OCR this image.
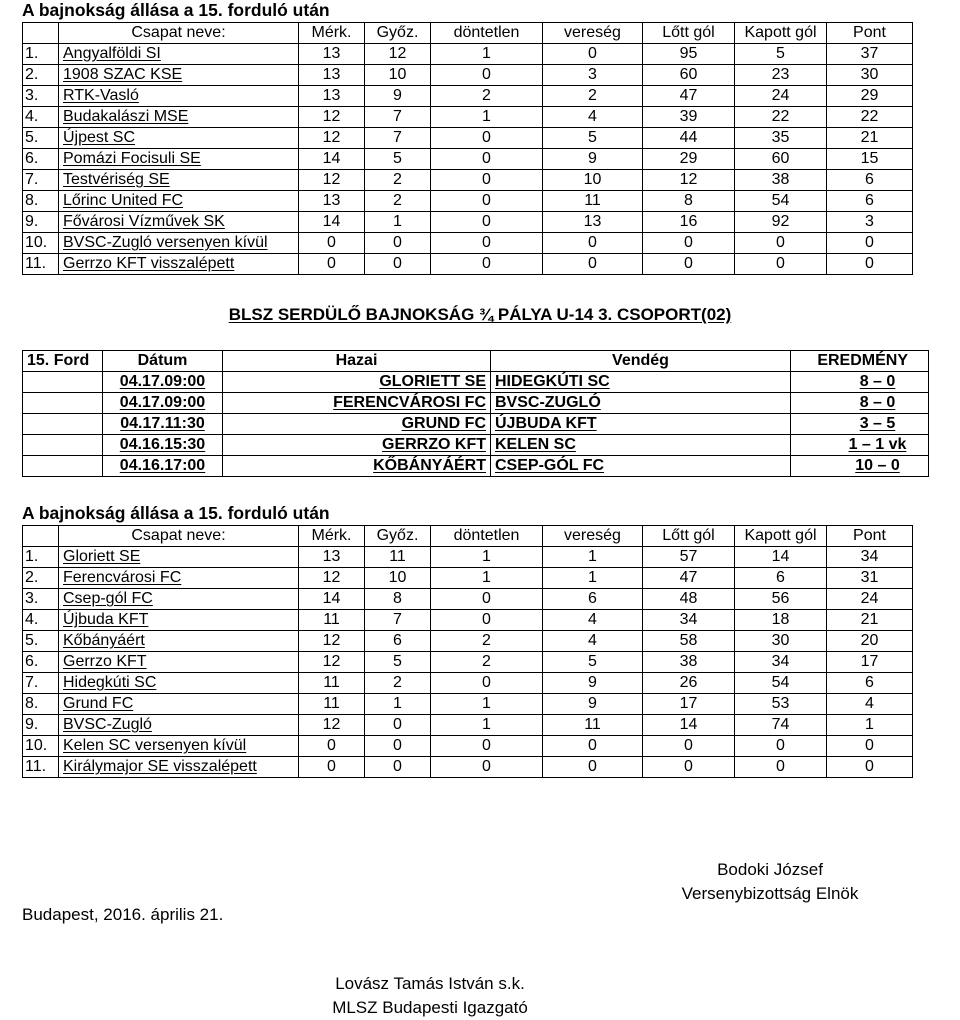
A bajnokság állása a 15. forduló után
	Csapat neve:	Mérk.	Győz.	döntetlen	vereség	Lőtt gól	Kapott gól	Pont
1.	Angyalföldi SI	13	12	1	0	95	5	37
2.	1908 SZAC KSE	13	10	0	3	60	23	30
3.	RTK-Vasló	13	9	2	2	47	24	29
4.	Budakalászi MSE	12	7	1	4	39	22	22
5.	Újpest SC	12	7	0	5	44	35	21
6.	Pomázi Focisuli SE	14	5	0	9	29	60	15
7.	Testvériség SE	12	2	0	10	12	38	6
8.	Lőrinc United FC	13	2	0	11	8	54	6
9.	Fővárosi Vízművek SK	14	1	0	13	16	92	3
10.	BVSC-Zugló versenyen kívül	0	0	0	0	0	0	0
11.	Gerrzo KFT visszalépett	0	0	0	0	0	0	0
BLSZ SERDÜLŐ BAJNOKSÁG ¾ PÁLYA U-14 3. CSOPORT(02)
15. Ford	Dátum	Hazai	Vendég	EREDMÉNY
	04.17.09:00	GLORIETT SE	HIDEGKÚTI SC	8 – 0
	04.17.09:00	FERENCVÁROSI FC	BVSC-ZUGLÓ	8 – 0
	04.17.11:30	GRUND FC	ÚJBUDA KFT	3 – 5
	04.16.15:30	GERRZO KFT	KELEN SC	1 – 1 vk
	04.16.17:00	KŐBÁNYÁÉRT	CSEP-GÓL FC	10 – 0
A bajnokság állása a 15. forduló után
	Csapat neve:	Mérk.	Győz.	döntetlen	vereség	Lőtt gól	Kapott gól	Pont
1.	Gloriett SE	13	11	1	1	57	14	34
2.	Ferencvárosi FC	12	10	1	1	47	6	31
3.	Csep-gól FC	14	8	0	6	48	56	24
4.	Újbuda KFT	11	7	0	4	34	18	21
5.	Kőbányáért	12	6	2	4	58	30	20
6.	Gerrzo KFT	12	5	2	5	38	34	17
7.	Hidegkúti SC	11	2	0	9	26	54	6
8.	Grund FC	11	1	1	9	17	53	4
9.	BVSC-Zugló	12	0	1	11	14	74	1
10.	Kelen SC versenyen kívül	0	0	0	0	0	0	0
11.	Királymajor SE visszalépett	0	0	0	0	0	0	0
Budapest, 2016. április 21.
Bodoki József
Versenybizottság Elnök
Lovász Tamás István s.k.
MLSZ Budapesti Igazgató
